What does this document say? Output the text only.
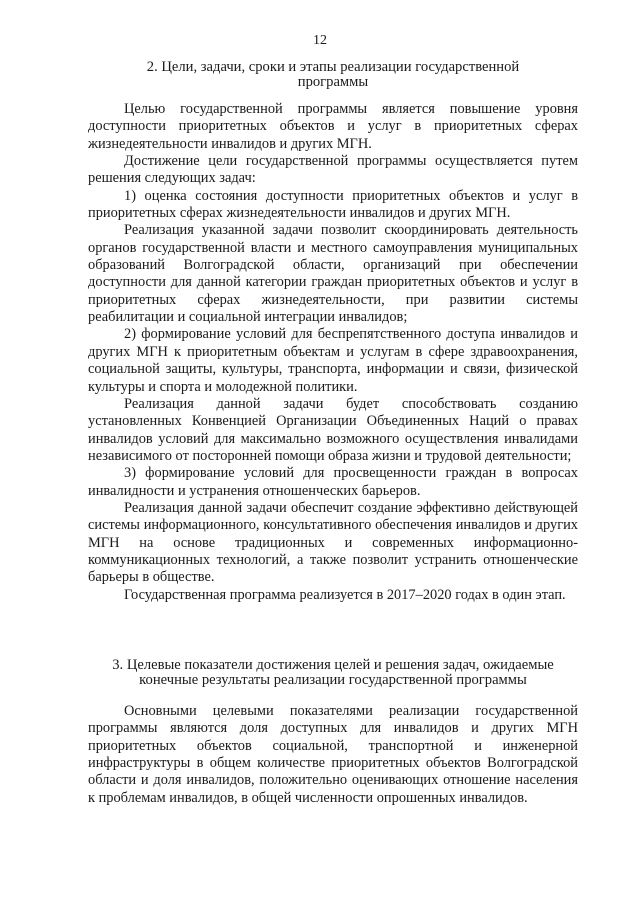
12

2. Цели, задачи, сроки и этапы реализации государственной

программы

Целью государственной программы является повышение уровня доступности приоритетных объектов и услуг в приоритетных сферах жизнедеятельности инвалидов и других МГН.

Достижение цели государственной программы осуществляется путем решения следующих задач:

1) оценка состояния доступности приоритетных объектов и услуг в приоритетных сферах жизнедеятельности инвалидов и других МГН.

Реализация указанной задачи позволит скоординировать деятельность органов государственной власти и местного самоуправления муниципальных образований Волгоградской области, организаций при обеспечении доступности для данной категории граждан приоритетных объектов и услуг в приоритетных сферах жизнедеятельности, при развитии системы реабилитации и социальной интеграции инвалидов;

2) формирование условий для беспрепятственного доступа инвалидов и других МГН к приоритетным объектам и услугам в сфере здравоохранения, социальной защиты, культуры, транспорта, информации и связи, физической культуры и спорта и молодежной политики.

Реализация данной задачи будет способствовать созданию установленных Конвенцией Организации Объединенных Наций о правах инвалидов условий для максимально возможного осуществления инвалидами независимого от посторонней помощи образа жизни и трудовой деятельности;

3) формирование условий для просвещенности граждан в вопросах инвалидности и устранения отношенческих барьеров.

Реализация данной задачи обеспечит создание эффективно действующей системы информационного, консультативного обеспечения инвалидов и других МГН на основе традиционных и современных информационно-коммуникационных технологий, а также позволит устранить отношенческие барьеры в обществе.

Государственная программа реализуется в 2017–2020 годах в один этап.

3. Целевые показатели достижения целей и решения задач, ожидаемые

конечные результаты реализации государственной программы

Основными целевыми показателями реализации государственной программы являются доля доступных для инвалидов и других МГН приоритетных объектов социальной, транспортной и инженерной инфраструктуры в общем количестве приоритетных объектов Волгоградской области и доля инвалидов, положительно оценивающих отношение населения к проблемам инвалидов, в общей численности опрошенных инвалидов.
